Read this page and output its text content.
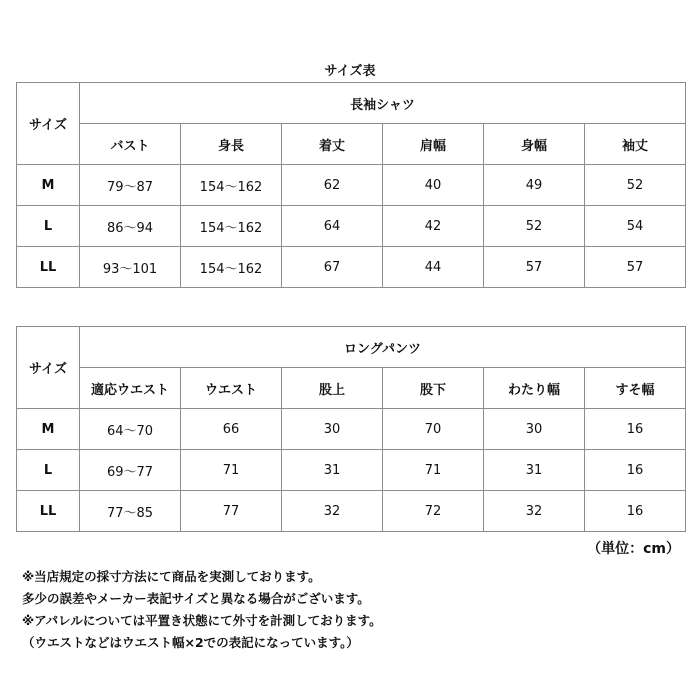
サイズ表
サイズ	長袖シャツ					
	バスト	身長	着丈	肩幅	身幅	袖丈
M	79～87	154～162	62	40	49	52
L	86～94	154～162	64	42	52	54
LL	93～101	154～162	67	44	57	57
サイズ	ロングパンツ					
	適応ウエスト	ウエスト	股上	股下	わたり幅	すそ幅
M	64～70	66	30	70	30	16
L	69～77	71	31	71	31	16
LL	77～85	77	32	72	32	16
（単位：cm）
※当店規定の採寸方法にて商品を実測しております。
多少の誤差やメーカー表記サイズと異なる場合がございます。
※アパレルについては平置き状態にて外寸を計測しております。
（ウエストなどはウエスト幅×2での表記になっています。）
